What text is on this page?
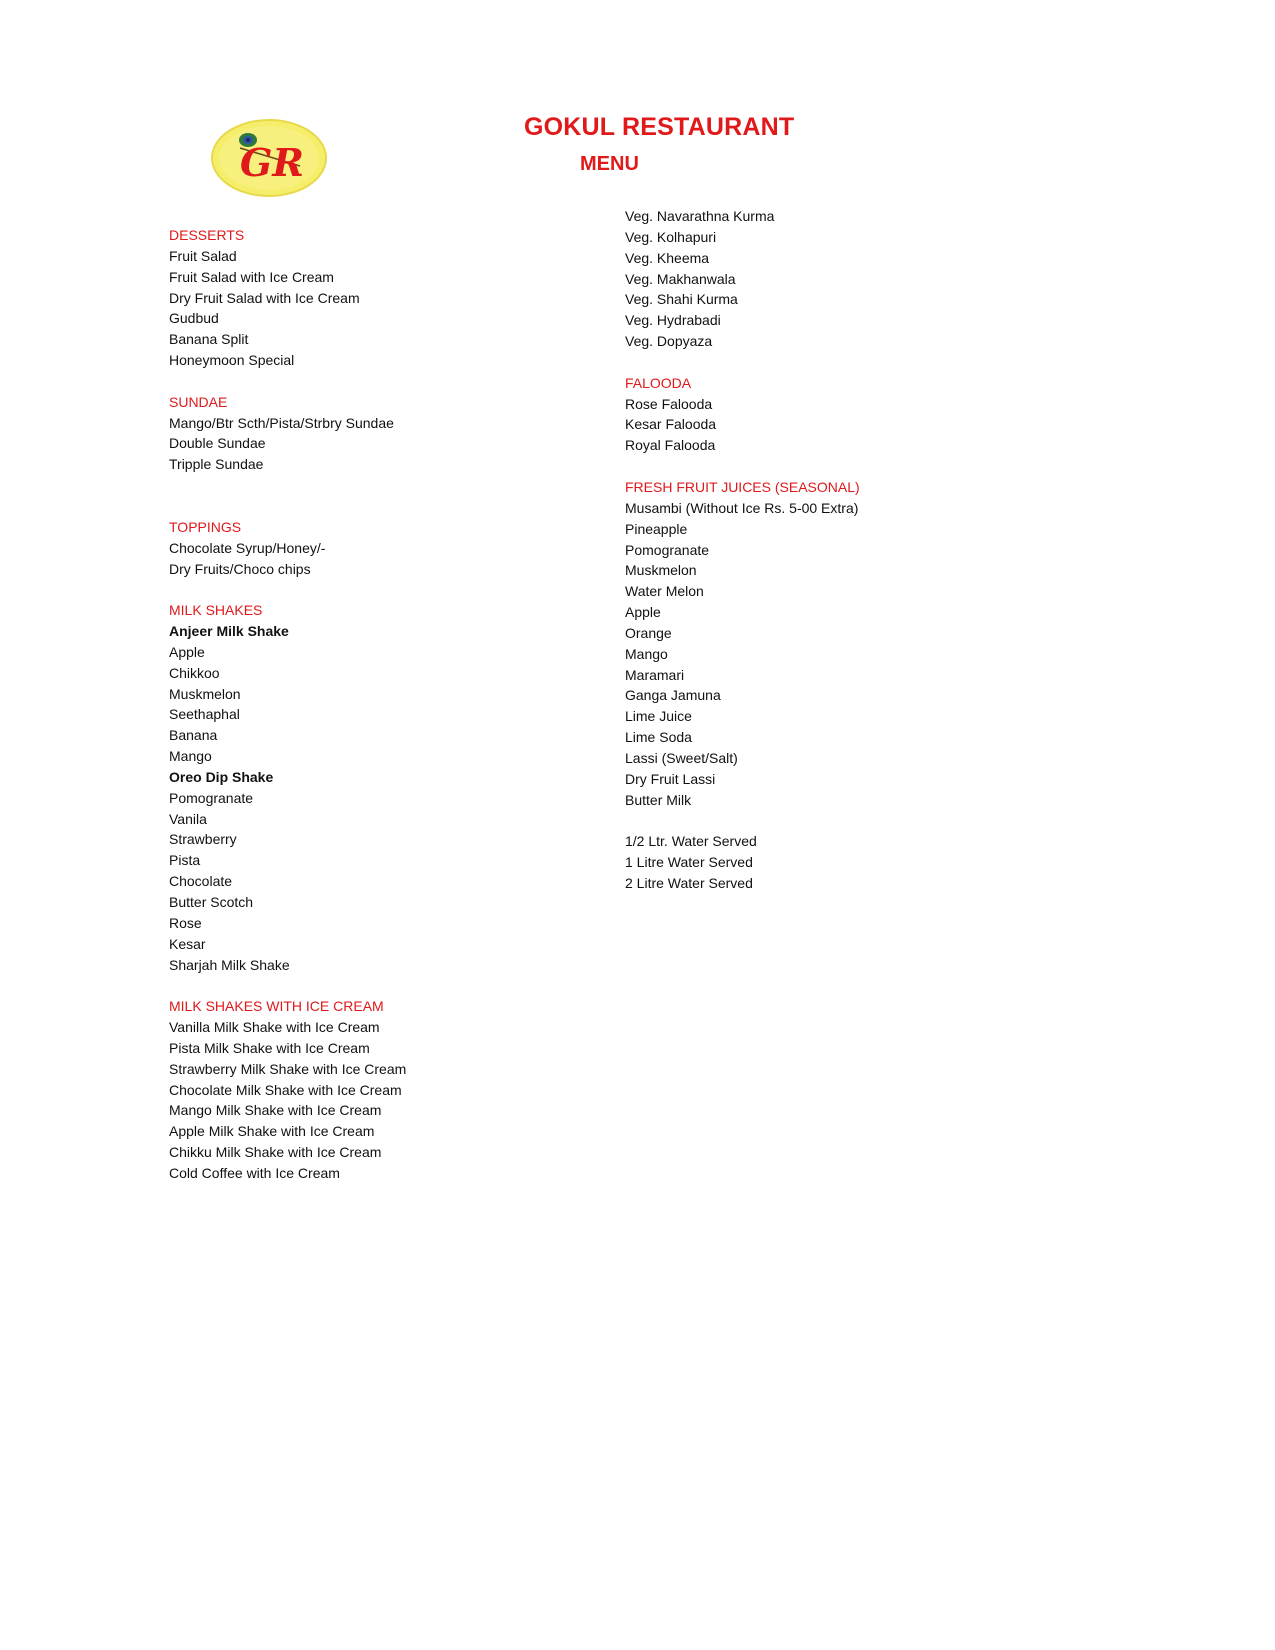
GR
GOKUL RESTAURANT
MENU
DESSERTS
Fruit Salad
Fruit Salad with Ice Cream
Dry Fruit Salad with Ice Cream
Gudbud
Banana Split
Honeymoon Special
SUNDAE
Mango/Btr Scth/Pista/Strbry Sundae
Double Sundae
Tripple Sundae
TOPPINGS
Chocolate Syrup/Honey/-
Dry Fruits/Choco chips
MILK SHAKES
Anjeer Milk Shake
Apple
Chikkoo
Muskmelon
Seethaphal
Banana
Mango
Oreo Dip Shake
Pomogranate
Vanila
Strawberry
Pista
Chocolate
Butter Scotch
Rose
Kesar
Sharjah Milk Shake
MILK SHAKES WITH ICE CREAM
Vanilla Milk Shake with Ice Cream
Pista Milk Shake with Ice Cream
Strawberry Milk Shake with Ice Cream
Chocolate Milk Shake with Ice Cream
Mango Milk Shake with Ice Cream
Apple Milk Shake with Ice Cream
Chikku Milk Shake with Ice Cream
Cold Coffee with Ice Cream
Veg. Navarathna Kurma
Veg. Kolhapuri
Veg. Kheema
Veg. Makhanwala
Veg. Shahi Kurma
Veg. Hydrabadi
Veg. Dopyaza
FALOODA
Rose Falooda
Kesar Falooda
Royal Falooda
FRESH FRUIT JUICES (SEASONAL)
Musambi (Without Ice Rs. 5-00 Extra)
Pineapple
Pomogranate
Muskmelon
Water Melon
Apple
Orange
Mango
Maramari
Ganga Jamuna
Lime Juice
Lime Soda
Lassi (Sweet/Salt)
Dry Fruit Lassi
Butter Milk
1/2 Ltr. Water Served
1 Litre Water Served
2 Litre Water Served
